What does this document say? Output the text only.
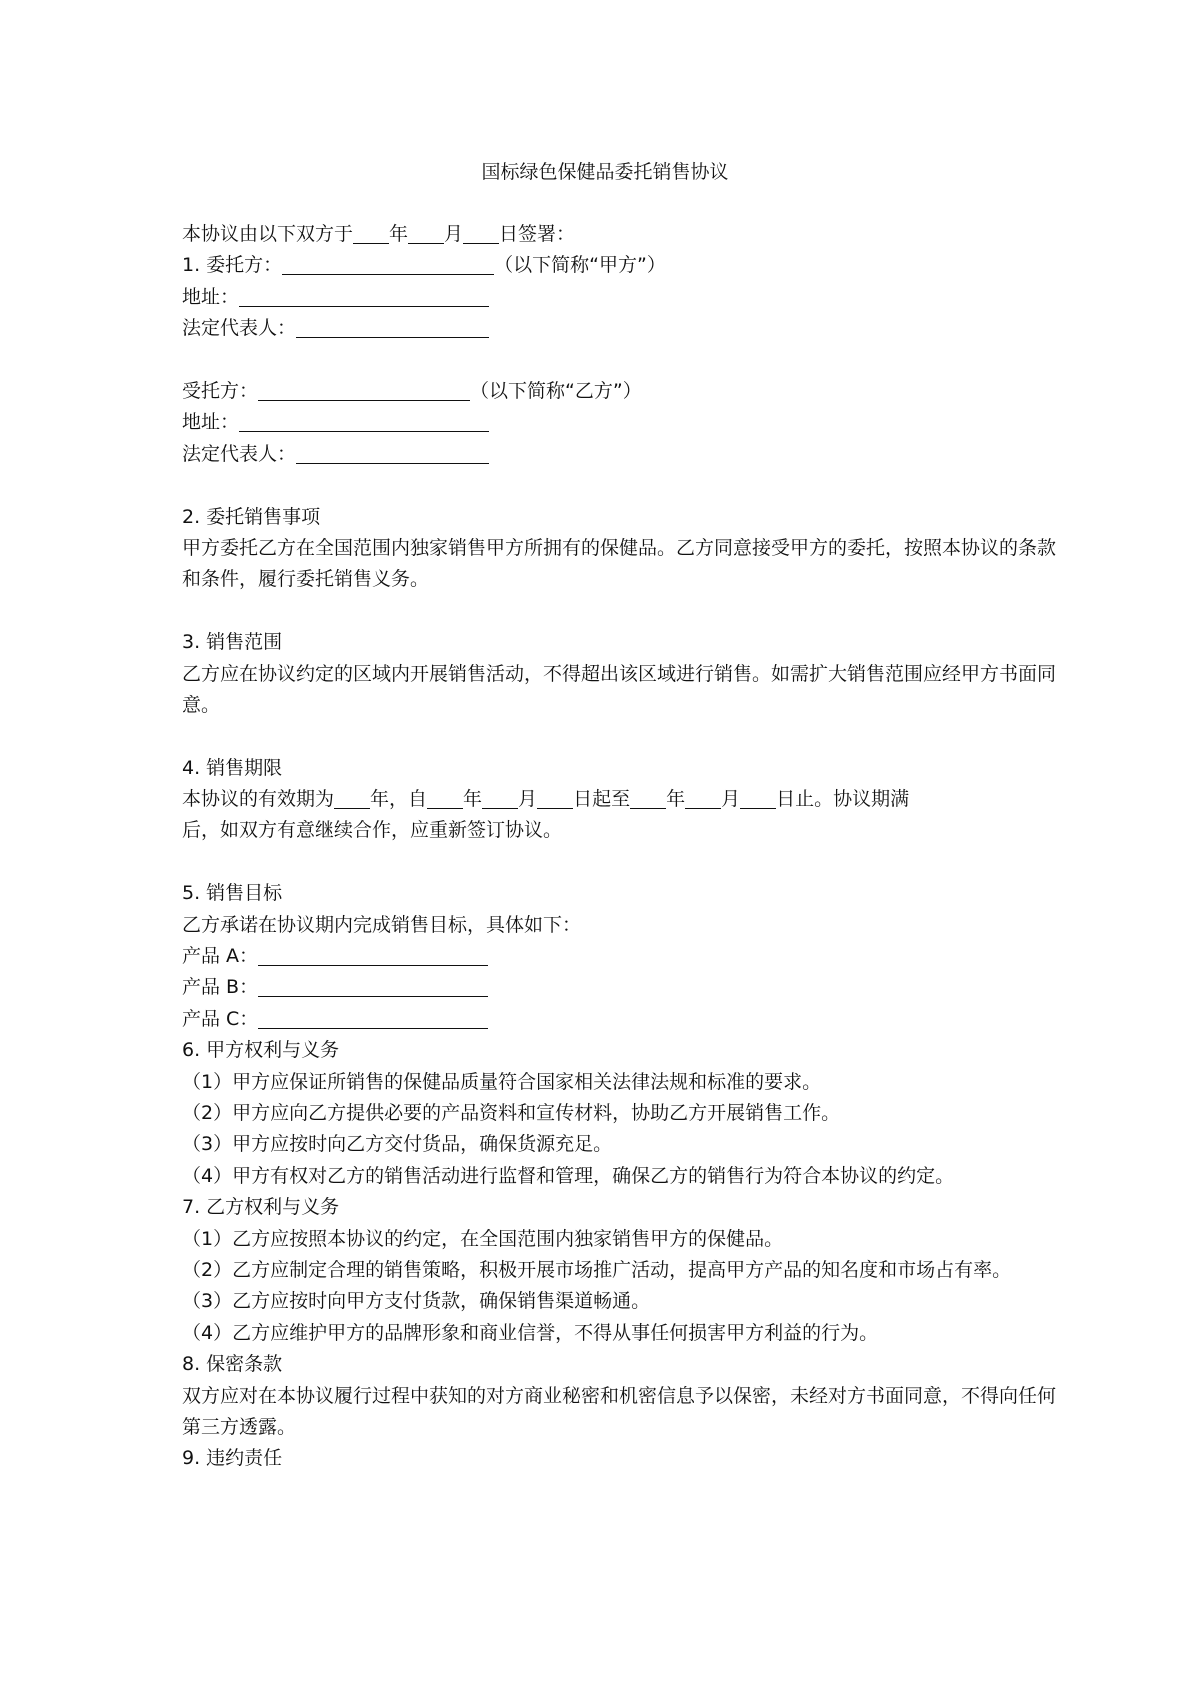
国标绿色保健品委托销售协议
本协议由以下双方于 年 月 日签署：
1. 委托方：	（以下简称“甲方”）
地址：
法定代表人：
受托方：	（以下简称“乙方”）
地址：
法定代表人：
2. 委托销售事项
甲方委托乙方在全国范围内独家销售甲方所拥有的保健品。乙方同意接受甲方的委托，按照本协议的条款和条件，履行委托销售义务。
3. 销售范围
乙方应在协议约定的区域内开展销售活动，不得超出该区域进行销售。如需扩大销售范围应经甲方书面同意。
4. 销售期限
本协议的有效期为 年，自 年 月 日起至 年 月 日止。协议期满
后，如双方有意继续合作，应重新签订协议。
5. 销售目标
乙方承诺在协议期内完成销售目标，具体如下：
产品 A：
产品 B：
产品 C：
6. 甲方权利与义务
（1）甲方应保证所销售的保健品质量符合国家相关法律法规和标准的要求。
（2）甲方应向乙方提供必要的产品资料和宣传材料，协助乙方开展销售工作。
（3）甲方应按时向乙方交付货品，确保货源充足。
（4）甲方有权对乙方的销售活动进行监督和管理，确保乙方的销售行为符合本协议的约定。
7. 乙方权利与义务
（1）乙方应按照本协议的约定，在全国范围内独家销售甲方的保健品。
（2）乙方应制定合理的销售策略，积极开展市场推广活动，提高甲方产品的知名度和市场占有率。
（3）乙方应按时向甲方支付货款，确保销售渠道畅通。
（4）乙方应维护甲方的品牌形象和商业信誉，不得从事任何损害甲方利益的行为。
8. 保密条款
双方应对在本协议履行过程中获知的对方商业秘密和机密信息予以保密，未经对方书面同意，不得向任何第三方透露。
9. 违约责任
